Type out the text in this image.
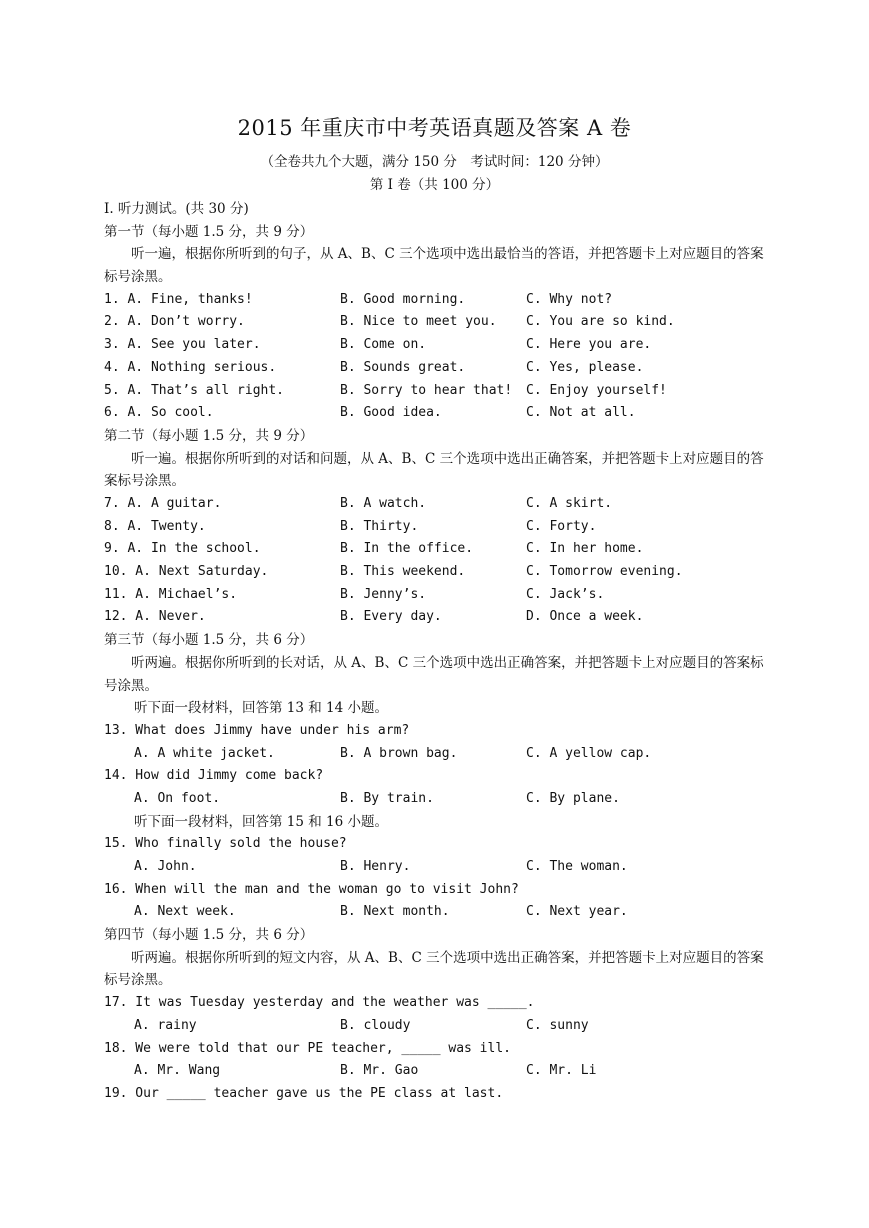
2015 年重庆市中考英语真题及答案 A 卷
（全卷共九个大题，满分 150 分　考试时间：120 分钟）
第 I 卷（共 100 分）
I. 听力测试。(共 30 分)
第一节（每小题 1.5 分，共 9 分）
听一遍，根据你所听到的句子，从 A、B、C 三个选项中选出最恰当的答语，并把答题卡上对应题目的答案标号涂黑。
1. A. Fine, thanks!	B. Good morning.	C. Why not?
2. A. Don’t worry.	B. Nice to meet you. C. You are so kind.
3. A. See you later.	B. Come on.	C. Here you are.
4. A. Nothing serious.	B. Sounds great.	C. Yes, please.
5. A. That’s all right.	B. Sorry to hear that! C. Enjoy yourself!
6. A. So cool.	B. Good idea.	C. Not at all.
第二节（每小题 1.5 分，共 9 分）
听一遍。根据你所听到的对话和问题，从 A、B、C 三个选项中选出正确答案，并把答题卡上对应题目的答案标号涂黑。
7. A. A guitar.	B. A watch.	C. A skirt.
8. A. Twenty.	B. Thirty.	C. Forty.
9. A. In the school.	B. In the office.	C. In her home.
10. A. Next Saturday.	B. This weekend.	C. Tomorrow evening.
11. A. Michael’s.	B. Jenny’s.	C. Jack’s.
12. A. Never.	B. Every day.	D. Once a week.
第三节（每小题 1.5 分，共 6 分）
听两遍。根据你所听到的长对话，从 A、B、C 三个选项中选出正确答案，并把答题卡上对应题目的答案标号涂黑。
听下面一段材料，回答第 13 和 14 小题。
13. What does Jimmy have under his arm?
A. A white jacket.	B. A brown bag.	C. A yellow cap.
14. How did Jimmy come back?
A. On foot.	B. By train.	C. By plane.
听下面一段材料，回答第 15 和 16 小题。
15. Who finally sold the house?
A. John.	B. Henry.	C. The woman.
16. When will the man and the woman go to visit John?
A. Next week.	B. Next month.	C. Next year.
第四节（每小题 1.5 分，共 6 分）
听两遍。根据你所听到的短文内容，从 A、B、C 三个选项中选出正确答案，并把答题卡上对应题目的答案标号涂黑。
17. It was Tuesday yesterday and the weather was _____.
A. rainy	B. cloudy	C. sunny
18. We were told that our PE teacher, _____ was ill.
A. Mr. Wang	B. Mr. Gao	C. Mr. Li
19. Our _____ teacher gave us the PE class at last.
